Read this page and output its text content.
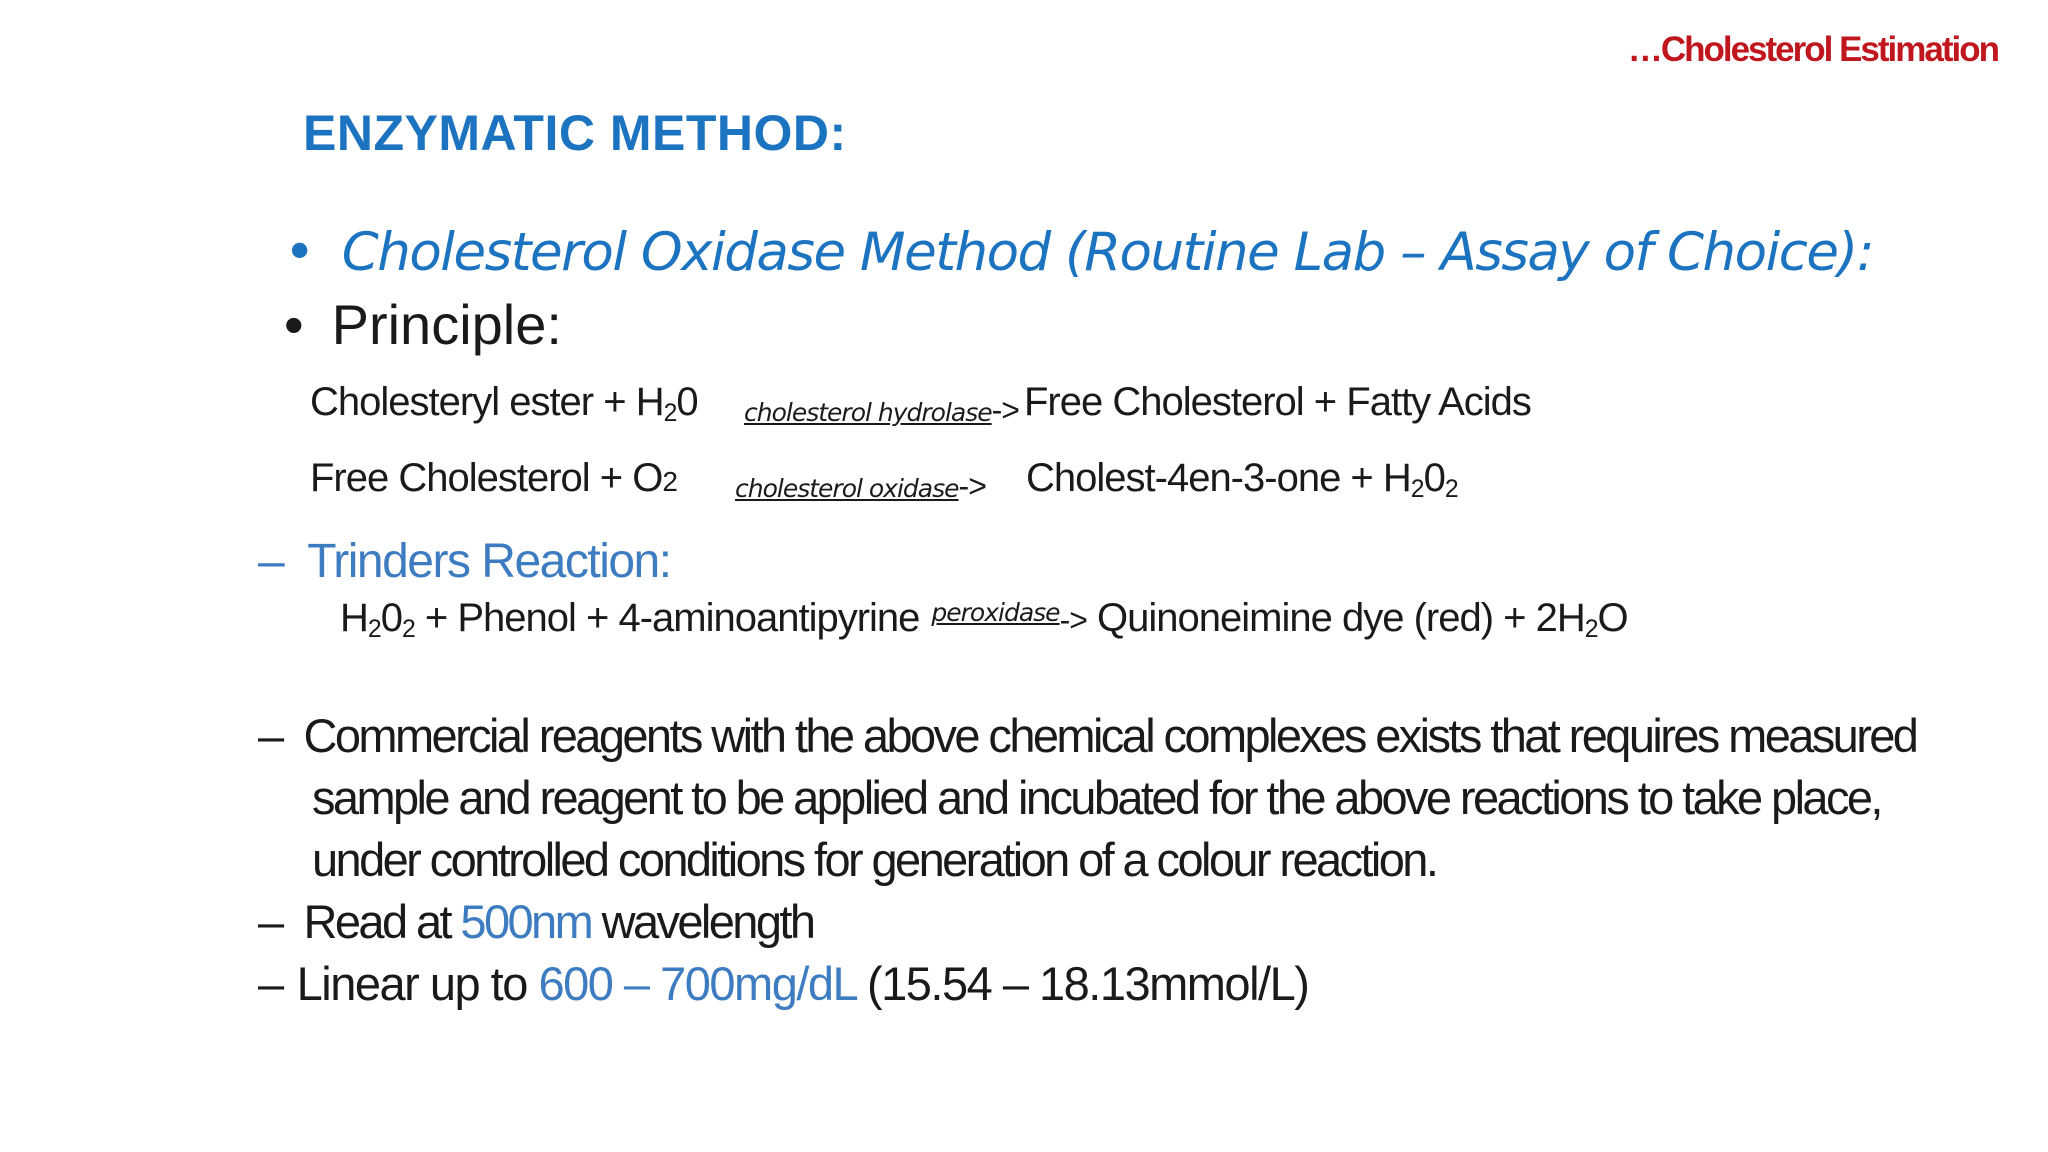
…Cholesterol Estimation
ENZYMATIC METHOD:
• Cholesterol Oxidase Method (Routine Lab – Assay of Choice):
• Principle:
Cholesteryl ester + $H_20$ cholesterol hydrolase-> Free Cholesterol + Fatty Acids
Free Cholesterol + O2 cholesterol oxidase-> Cholest-4en-3-one + $H_20_2$
– Trinders Reaction:
$H_20_2$ + Phenol + 4-aminoantipyrine $^{peroxidase}$-> Quinoneimine dye $(red) + 2H_2O$
– Commercial reagents with the above chemical complexes exists that requires measured
sample and reagent to be applied and incubated for the above reactions to take place,
under controlled conditions for generation of a colour reaction.
– Read at 500nm wavelength
– Linear up to 600 – 700mg/dL (15.54 – 18.13mmol/L)
